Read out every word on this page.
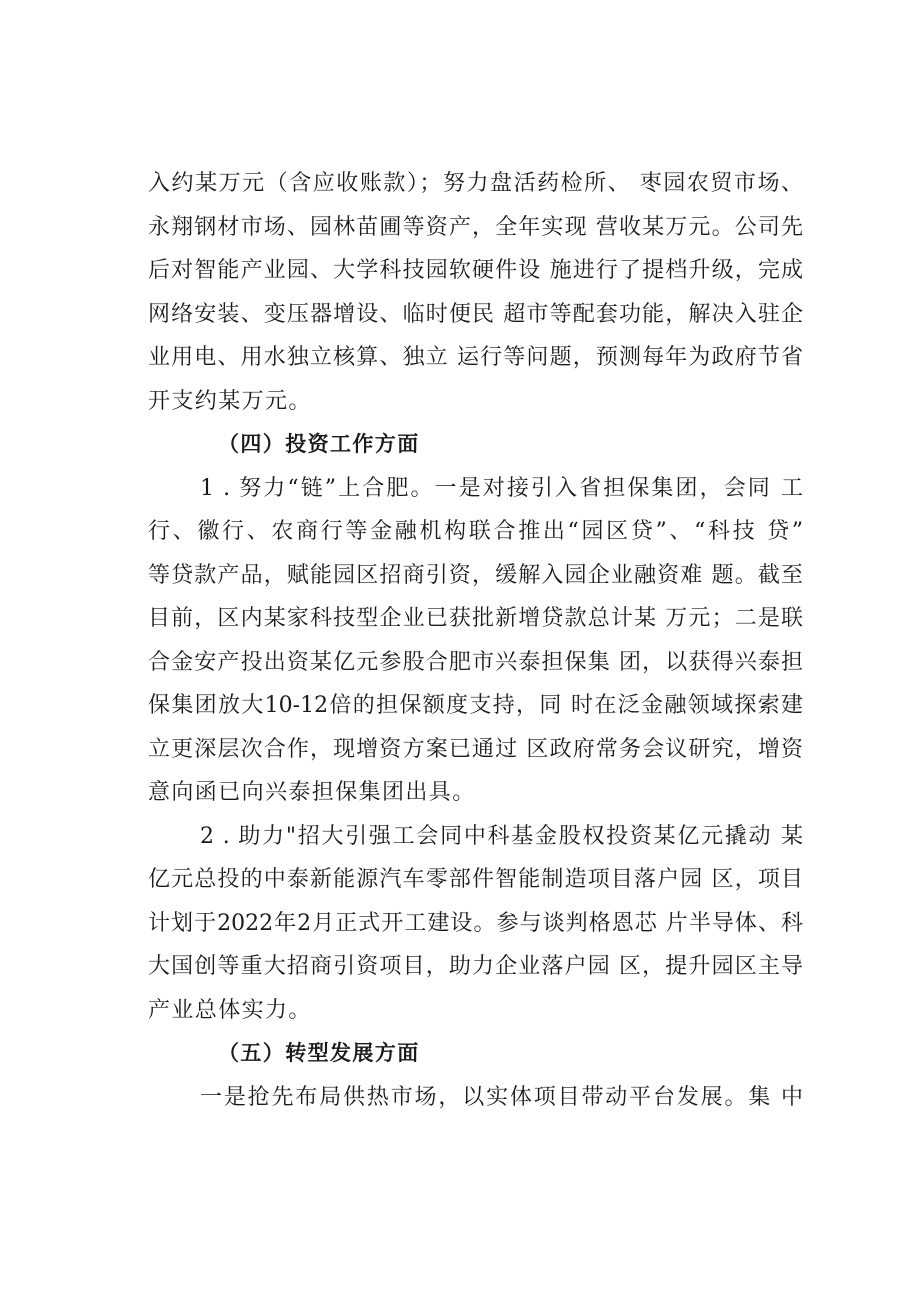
入约某万元（含应收账款）；努力盘活药检所、 枣园农贸市场、
永翔钢材市场、园林苗圃等资产，全年实现 营收某万元。公司先
后对智能产业园、大学科技园软硬件设 施进行了提档升级，完成
网络安装、变压器增设、临时便民 超市等配套功能，解决入驻企
业用电、用水独立核算、独立 运行等问题，预测每年为政府节省
开支约某万元。
（四）投资工作方面
1 . 努力“链”上合肥。一是对接引入省担保集团，会同 工
行、徽行、农商行等金融机构联合推出“园区贷”、“科技 贷”
等贷款产品，赋能园区招商引资，缓解入园企业融资难 题。截至
目前，区内某家科技型企业已获批新增贷款总计某 万元；二是联
合金安产投出资某亿元参股合肥市兴泰担保集 团，以获得兴泰担
保集团放大10-12倍的担保额度支持，同 时在泛金融领域探索建
立更深层次合作，现增资方案已通过 区政府常务会议研究，增资
意向函已向兴泰担保集团出具。
2 . 助力"招大引强工会同中科基金股权投资某亿元撬动 某
亿元总投的中泰新能源汽车零部件智能制造项目落户园 区，项目
计划于2022年2月正式开工建设。参与谈判格恩芯 片半导体、科
大国创等重大招商引资项目，助力企业落户园 区，提升园区主导
产业总体实力。
（五）转型发展方面
一是抢先布局供热市场，以实体项目带动平台发展。集 中
